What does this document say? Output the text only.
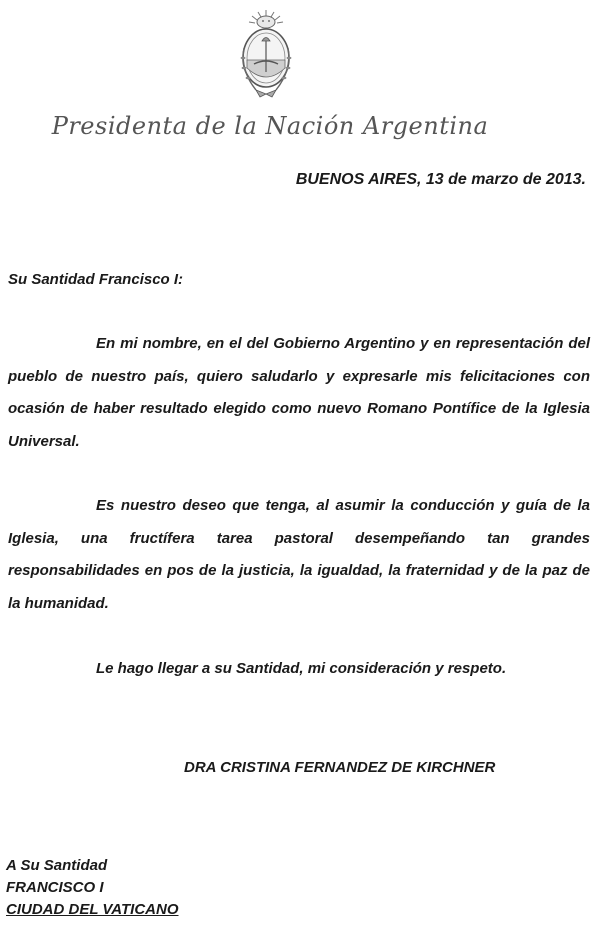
Presidenta de la Nación Argentina
BUENOS AIRES, 13 de marzo de 2013.
Su Santidad Francisco I:

En mi nombre, en el del Gobierno Argentino y en representación del pueblo de nuestro país, quiero saludarlo y expresarle mis felicitaciones con ocasión de haber resultado elegido como nuevo Romano Pontífice de la Iglesia Universal.

Es nuestro deseo que tenga, al asumir la conducción y guía de la Iglesia, una fructífera tarea pastoral desempeñando tan grandes responsabilidades en pos de la justicia, la igualdad, la fraternidad y de la paz de la humanidad.

Le hago llegar a su Santidad, mi consideración y respeto.
DRA CRISTINA FERNANDEZ DE KIRCHNER
A Su Santidad
FRANCISCO I
CIUDAD DEL VATICANO
